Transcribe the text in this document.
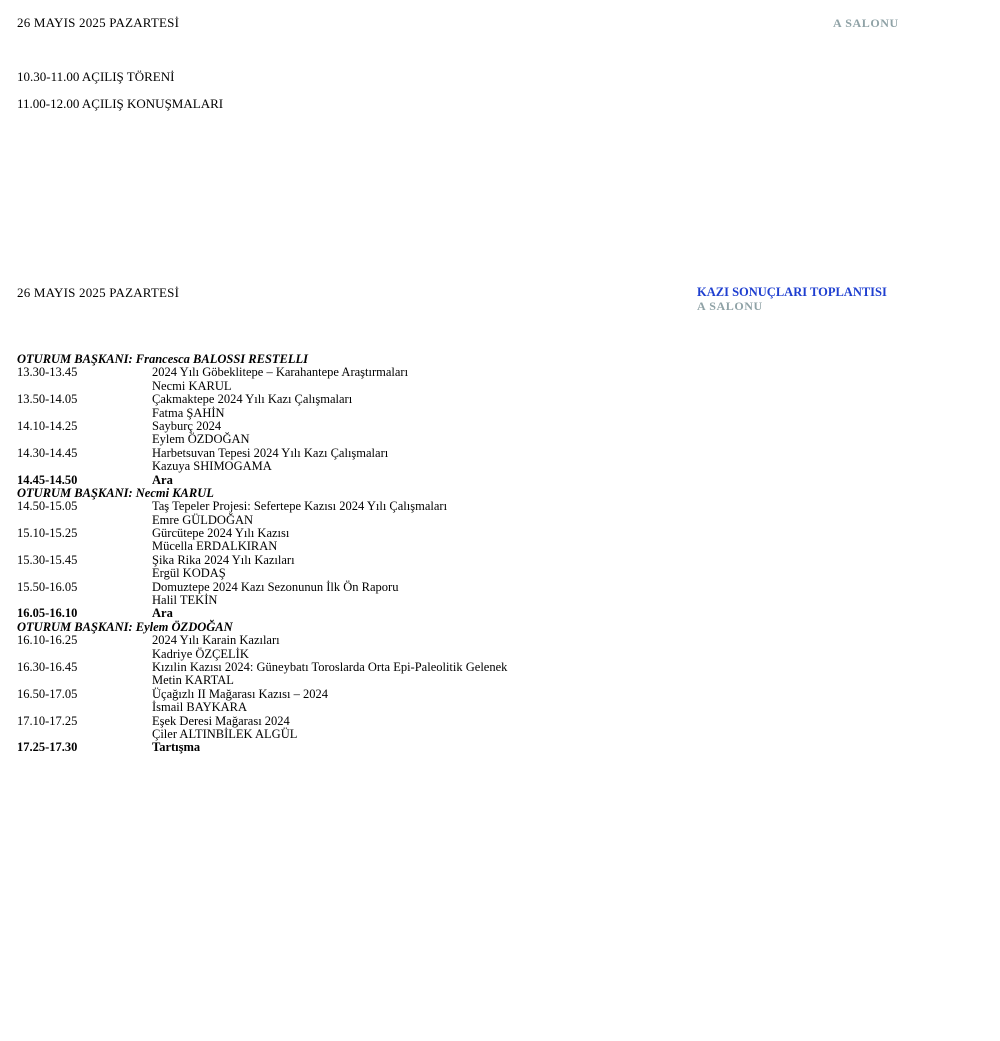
26 MAYIS 2025 PAZARTESİ	A SALONU
10.30-11.00 AÇILIŞ TÖRENİ
11.00-12.00 AÇILIŞ KONUŞMALARI
26 MAYIS 2025 PAZARTESİ	KAZI SONUÇLARI TOPLANTISI
A SALONU
OTURUM BAŞKANI: Francesca BALOSSI RESTELLI
13.30-13.45	2024 Yılı Göbeklitepe – Karahantepe Araştırmaları
Necmi KARUL
13.50-14.05	Çakmaktepe 2024 Yılı Kazı Çalışmaları
Fatma ŞAHİN
14.10-14.25	Sayburç 2024
Eylem ÖZDOĞAN
14.30-14.45	Harbetsuvan Tepesi 2024 Yılı Kazı Çalışmaları
Kazuya SHIMOGAMA
14.45-14.50	Ara
OTURUM BAŞKANI: Necmi KARUL
14.50-15.05	Taş Tepeler Projesi: Sefertepe Kazısı 2024 Yılı Çalışmaları
Emre GÜLDOĞAN
15.10-15.25	Gürcütepe 2024 Yılı Kazısı
Mücella ERDALKIRAN
15.30-15.45	Şika Rika 2024 Yılı Kazıları
Ergül KODAŞ
15.50-16.05	Domuztepe 2024 Kazı Sezonunun İlk Ön Raporu
Halil TEKİN
16.05-16.10	Ara
OTURUM BAŞKANI: Eylem ÖZDOĞAN
16.10-16.25	2024 Yılı Karain Kazıları
Kadriye ÖZÇELİK
16.30-16.45	Kızılin Kazısı 2024: Güneybatı Toroslarda Orta Epi-Paleolitik Gelenek
Metin KARTAL
16.50-17.05	Üçağızlı II Mağarası Kazısı – 2024
İsmail BAYKARA
17.10-17.25	Eşek Deresi Mağarası 2024
Çiler ALTINBİLEK ALGÜL
17.25-17.30	Tartışma
